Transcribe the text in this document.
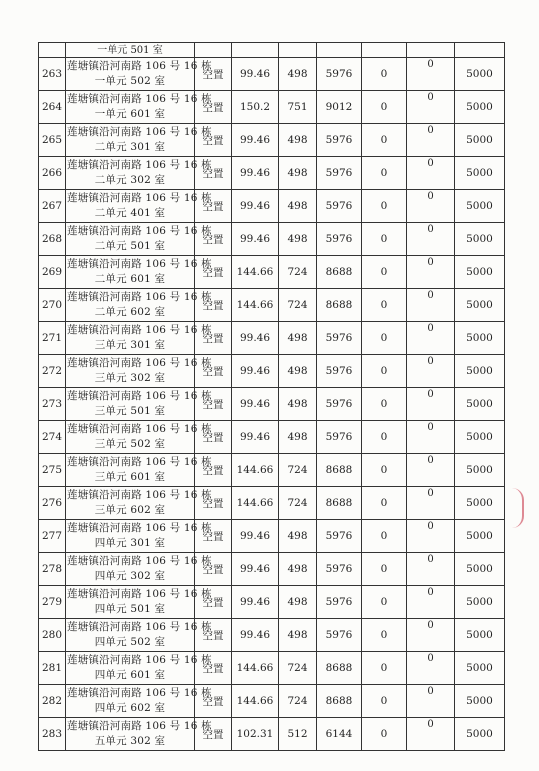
	一单元 501 室							
263	莲塘镇沿河南路 106 号 16 栋
一单元 502 室	空置	99.46	498	5976	0	0	5000
264	莲塘镇沿河南路 106 号 16 栋
一单元 601 室	空置	150.2	751	9012	0	0	5000
265	莲塘镇沿河南路 106 号 16 栋
二单元 301 室	空置	99.46	498	5976	0	0	5000
266	莲塘镇沿河南路 106 号 16 栋
二单元 302 室	空置	99.46	498	5976	0	0	5000
267	莲塘镇沿河南路 106 号 16 栋
二单元 401 室	空置	99.46	498	5976	0	0	5000
268	莲塘镇沿河南路 106 号 16 栋
二单元 501 室	空置	99.46	498	5976	0	0	5000
269	莲塘镇沿河南路 106 号 16 栋
二单元 601 室	空置	144.66	724	8688	0	0	5000
270	莲塘镇沿河南路 106 号 16 栋
二单元 602 室	空置	144.66	724	8688	0	0	5000
271	莲塘镇沿河南路 106 号 16 栋
三单元 301 室	空置	99.46	498	5976	0	0	5000
272	莲塘镇沿河南路 106 号 16 栋
三单元 302 室	空置	99.46	498	5976	0	0	5000
273	莲塘镇沿河南路 106 号 16 栋
三单元 501 室	空置	99.46	498	5976	0	0	5000
274	莲塘镇沿河南路 106 号 16 栋
三单元 502 室	空置	99.46	498	5976	0	0	5000
275	莲塘镇沿河南路 106 号 16 栋
三单元 601 室	空置	144.66	724	8688	0	0	5000
276	莲塘镇沿河南路 106 号 16 栋
三单元 602 室	空置	144.66	724	8688	0	0	5000
277	莲塘镇沿河南路 106 号 16 栋
四单元 301 室	空置	99.46	498	5976	0	0	5000
278	莲塘镇沿河南路 106 号 16 栋
四单元 302 室	空置	99.46	498	5976	0	0	5000
279	莲塘镇沿河南路 106 号 16 栋
四单元 501 室	空置	99.46	498	5976	0	0	5000
280	莲塘镇沿河南路 106 号 16 栋
四单元 502 室	空置	99.46	498	5976	0	0	5000
281	莲塘镇沿河南路 106 号 16 栋
四单元 601 室	空置	144.66	724	8688	0	0	5000
282	莲塘镇沿河南路 106 号 16 栋
四单元 602 室	空置	144.66	724	8688	0	0	5000
283	莲塘镇沿河南路 106 号 16 栋
五单元 302 室	空置	102.31	512	6144	0	0	5000
